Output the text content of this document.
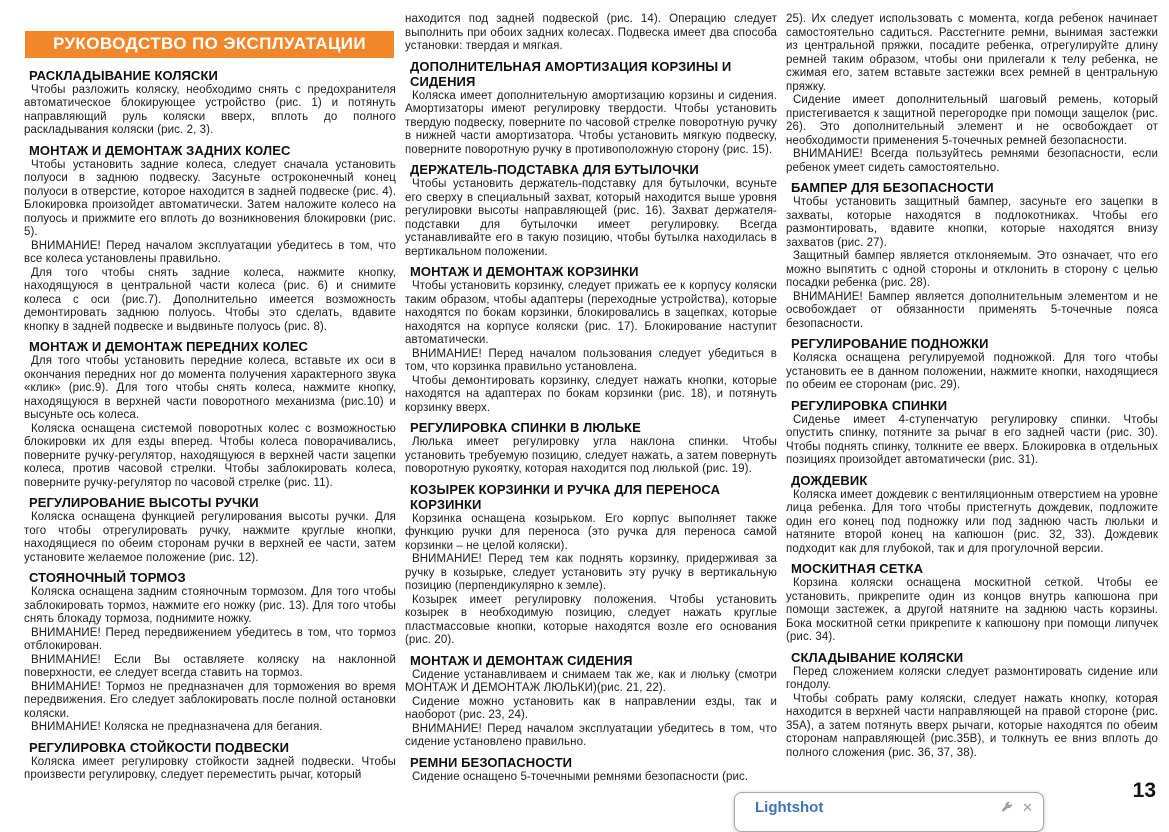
РУКОВОДСТВО ПО ЭКСПЛУАТАЦИИ
РАСКЛАДЫВАНИЕ КОЛЯСКИ

Чтобы разложить коляску, необходимо снять с предохранителя автоматическое блокирующее устройство (рис. 1) и потянуть направляющий руль коляски вверх, вплоть до полного раскладывания коляски (рис. 2, 3).

МОНТАЖ И ДЕМОНТАЖ ЗАДНИХ КОЛЕС

Чтобы установить задние колеса, следует сначала установить полуоси в заднюю подвеску. Засуньте остроконечный конец полуоси в отверстие, которое находится в задней подвеске (рис. 4). Блокировка произойдет автоматически. Затем наложите колесо на полуось и прижмите его вплоть до возникновения блокировки (рис. 5).

ВНИМАНИЕ! Перед началом эксплуатации убедитесь в том, что все колеса установлены правильно.

Для того чтобы снять задние колеса, нажмите кнопку, находящуюся в центральной части колеса (рис. 6) и снимите колеса с оси (рис.7). Дополнительно имеется возможность демонтировать заднюю полуось. Чтобы это сделать, вдавите кнопку в задней подвеске и выдвиньте полуось (рис. 8).

МОНТАЖ И ДЕМОНТАЖ ПЕРЕДНИХ КОЛЕС

Для того чтобы установить передние колеса, вставьте их оси в окончания передних ног до момента получения характерного звука «клик» (рис.9). Для того чтобы снять колеса, нажмите кнопку, находящуюся в верхней части поворотного механизма (рис.10) и высуньте ось колеса.

Коляска оснащена системой поворотных колес с возможностью блокировки их для езды вперед. Чтобы колеса поворачивались, поверните ручку-регулятор, находящуюся в верхней части зацепки колеса, против часовой стрелки. Чтобы заблокировать колеса, поверните ручку-регулятор по часовой стрелке (рис. 11).

РЕГУЛИРОВАНИЕ ВЫСОТЫ РУЧКИ

Коляска оснащена функцией регулирования высоты ручки. Для того чтобы отрегулировать ручку, нажмите круглые кнопки, находящиеся по обеим сторонам ручки в верхней ее части, затем установите желаемое положение (рис. 12).

СТОЯНОЧНЫЙ ТОРМОЗ

Коляска оснащена задним стояночным тормозом. Для того чтобы заблокировать тормоз, нажмите его ножку (рис. 13). Для того чтобы снять блокаду тормоза, поднимите ножку.

ВНИМАНИЕ! Перед передвижением убедитесь в том, что тормоз отблокирован.

ВНИМАНИЕ! Если Вы оставляете коляску на наклонной поверхности, ее следует всегда ставить на тормоз.

ВНИМАНИЕ! Тормоз не предназначен для торможения во время передвижения. Его следует заблокировать после полной остановки коляски.

ВНИМАНИЕ! Коляска не предназначена для бегания.

РЕГУЛИРОВКА СТОЙКОСТИ ПОДВЕСКИ

Коляска имеет регулировку стойкости задней подвески. Чтобы произвести регулировку, следует переместить рычаг, который

находится под задней подвеской (рис. 14). Операцию следует выполнить при обоих задних колесах. Подвеска имеет два способа установки: твердая и мягкая.

ДОПОЛНИТЕЛЬНАЯ АМОРТИЗАЦИЯ КОРЗИНЫ И СИДЕНИЯ

Коляска имеет дополнительную амортизацию корзины и сидения. Амортизаторы имеют регулировку твердости. Чтобы установить твердую подвеску, поверните по часовой стрелке поворотную ручку в нижней части амортизатора. Чтобы установить мягкую подвеску, поверните поворотную ручку в противоположную сторону (рис. 15).

ДЕРЖАТЕЛЬ-ПОДСТАВКА ДЛЯ БУТЫЛОЧКИ

Чтобы установить держатель-подставку для бутылочки, всуньте его сверху в специальный захват, который находится выше уровня регулировки высоты направляющей (рис. 16). Захват держателя-подставки для бутылочки имеет регулировку. Всегда устанавливайте его в такую позицию, чтобы бутылка находилась в вертикальном положении.

МОНТАЖ И ДЕМОНТАЖ КОРЗИНКИ

Чтобы установить корзинку, следует прижать ее к корпусу коляски таким образом, чтобы адаптеры (переходные устройства), которые находятся по бокам корзинки, блокировались в зацепках, которые находятся на корпусе коляски (рис. 17). Блокирование наступит автоматически.

ВНИМАНИЕ! Перед началом пользования следует убедиться в том, что корзинка правильно установлена.

Чтобы демонтировать корзинку, следует нажать кнопки, которые находятся на адаптерах по бокам корзинки (рис. 18), и потянуть корзинку вверх.

РЕГУЛИРОВКА СПИНКИ В ЛЮЛЬКЕ

Люлька имеет регулировку угла наклона спинки. Чтобы установить требуемую позицию, следует нажать, а затем повернуть поворотную рукоятку, которая находится под люлькой (рис. 19).

КОЗЫРЕК КОРЗИНКИ И РУЧКА ДЛЯ ПЕРЕНОСА КОРЗИНКИ

Корзинка оснащена козырьком. Его корпус выполняет также функцию ручки для переноса (это ручка для переноса самой корзинки – не целой коляски).

ВНИМАНИЕ! Перед тем как поднять корзинку, придерживая за ручку в козырьке, следует установить эту ручку в вертикальную позицию (перпендикулярно к земле).

Козырек имеет регулировку положения. Чтобы установить козырек в необходимую позицию, следует нажать круглые пластмассовые кнопки, которые находятся возле его основания (рис. 20).

МОНТАЖ И ДЕМОНТАЖ СИДЕНИЯ

Сидение устанавливаем и снимаем так же, как и люльку (смотри МОНТАЖ И ДЕМОНТАЖ ЛЮЛЬКИ)(рис. 21, 22).

Сидение можно установить как в направлении езды, так и наоборот (рис. 23, 24).

ВНИМАНИЕ! Перед началом эксплуатации убедитесь в том, что сидение установлено правильно.

РЕМНИ БЕЗОПАСНОСТИ

Сидение оснащено 5-точечными ремнями безопасности (рис.

25). Их следует использовать с момента, когда ребенок начинает самостоятельно садиться. Расстегните ремни, вынимая застежки из центральной пряжки, посадите ребенка, отрегулируйте длину ремней таким образом, чтобы они прилегали к телу ребенка, не сжимая его, затем вставьте застежки всех ремней в центральную пряжку.

Сидение имеет дополнительный шаговый ремень, который пристегивается к защитной перегородке при помощи защелок (рис. 26). Это дополнительный элемент и не освобождает от необходимости применения 5-точечных ремней безопасности.

ВНИМАНИЕ! Всегда пользуйтесь ремнями безопасности, если ребенок умеет сидеть самостоятельно.

БАМПЕР ДЛЯ БЕЗОПАСНОСТИ

Чтобы установить защитный бампер, засуньте его зацепки в захваты, которые находятся в подлокотниках. Чтобы его размонтировать, вдавите кнопки, которые находятся внизу захватов (рис. 27).

Защитный бампер является отклоняемым. Это означает, что его можно выпятить с одной стороны и отклонить в сторону с целью посадки ребенка (рис. 28).

ВНИМАНИЕ! Бампер является дополнительным элементом и не освобождает от обязанности применять 5-точечные пояса безопасности.

РЕГУЛИРОВАНИЕ ПОДНОЖКИ

Коляска оснащена регулируемой подножкой. Для того чтобы установить ее в данном положении, нажмите кнопки, находящиеся по обеим ее сторонам (рис. 29).

РЕГУЛИРОВКА СПИНКИ

Сиденье имеет 4-ступенчатую регулировку спинки. Чтобы опустить спинку, потяните за рычаг в его задней части (рис. 30). Чтобы поднять спинку, толкните ее вверх. Блокировка в отдельных позициях произойдет автоматически (рис. 31).

ДОЖДЕВИК

Коляска имеет дождевик с вентиляционным отверстием на уровне лица ребенка. Для того чтобы пристегнуть дождевик, подложите один его конец под подножку или под заднюю часть люльки и натяните второй конец на капюшон (рис. 32, 33). Дождевик подходит как для глубокой, так и для прогулочной версии.

МОСКИТНАЯ СЕТКА

Корзина коляски оснащена москитной сеткой. Чтобы ее установить, прикрепите один из концов внутрь капюшона при помощи застежек, а другой натяните на заднюю часть корзины. Бока москитной сетки прикрепите к капюшону при помощи липучек (рис. 34).

СКЛАДЫВАНИЕ КОЛЯСКИ

Перед сложением коляски следует размонтировать сидение или гондолу.

Чтобы собрать раму коляски, следует нажать кнопку, которая находится в верхней части направляющей на правой стороне (рис. 35A), а затем потянуть вверх рычаги, которые находятся по обеим сторонам направляющей (рис.35B), и толкнуть ее вниз вплоть до полного сложения (рис. 36, 37, 38).

13
Lightshot	✕
